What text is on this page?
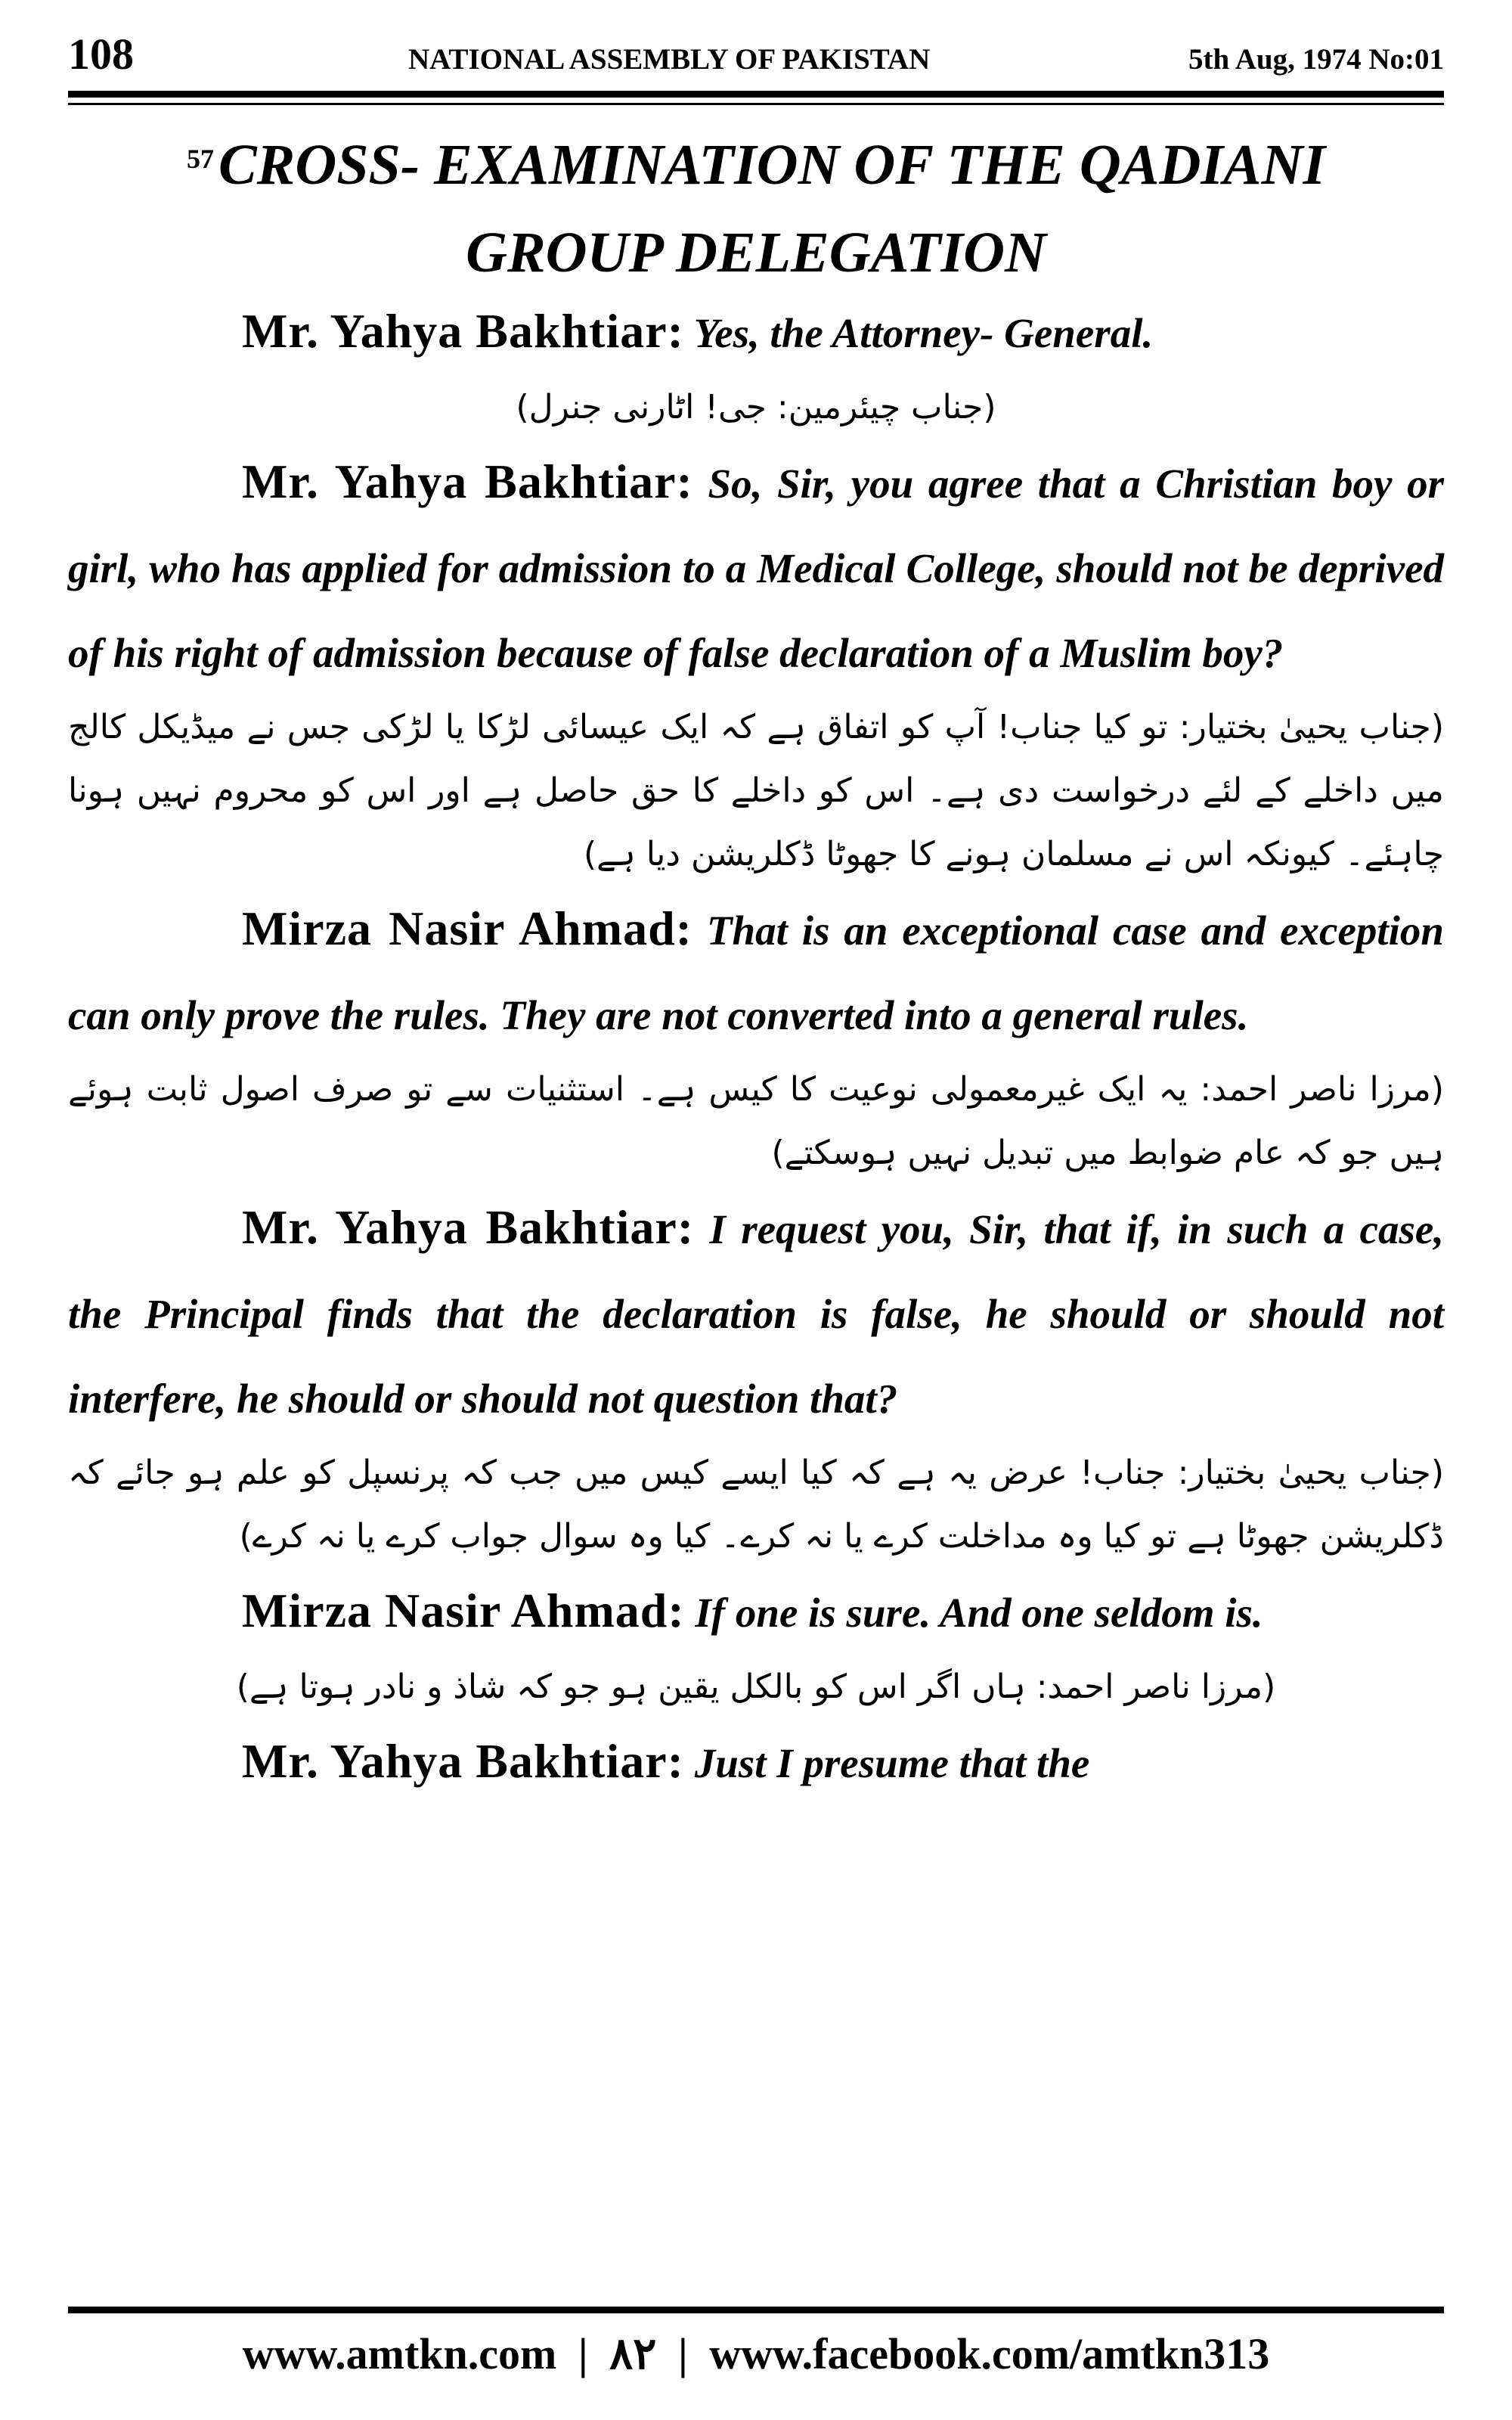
108	NATIONAL ASSEMBLY OF PAKISTAN	5th Aug, 1974 No:01
$^{57}$CROSS- EXAMINATION OF THE QADIANI
GROUP DELEGATION

Mr. Yahya Bakhtiar: Yes, the Attorney- General.

(جناب چیئرمین: جی! اٹارنی جنرل)

Mr. Yahya Bakhtiar: So, Sir, you agree that a Christian boy or girl, who has applied for admission to a Medical College, should not be deprived of his right of admission because of false declaration of a Muslim boy?

(جناب یحییٰ بختیار: تو کیا جناب! آپ کو اتفاق ہے کہ ایک عیسائی لڑکا یا لڑکی جس نے میڈیکل کالج میں داخلے کے لئے درخواست دی ہے۔ اس کو داخلے کا حق حاصل ہے اور اس کو محروم نہیں ہونا چاہئے۔ کیونکہ اس نے مسلمان ہونے کا جھوٹا ڈکلریشن دیا ہے)

Mirza Nasir Ahmad: That is an exceptional case and exception can only prove the rules. They are not converted into a general rules.

(مرزا ناصر احمد: یہ ایک غیرمعمولی نوعیت کا کیس ہے۔ استثنیات سے تو صرف اصول ثابت ہوئے ہیں جو کہ عام ضوابط میں تبدیل نہیں ہوسکتے)

Mr. Yahya Bakhtiar: I request you, Sir, that if, in such a case, the Principal finds that the declaration is false, he should or should not interfere, he should or should not question that?

(جناب یحییٰ بختیار: جناب! عرض یہ ہے کہ کیا ایسے کیس میں جب کہ پرنسپل کو علم ہو جائے کہ ڈکلریشن جھوٹا ہے تو کیا وہ مداخلت کرے یا نہ کرے۔ کیا وہ سوال جواب کرے یا نہ کرے)

Mirza Nasir Ahmad: If one is sure. And one seldom is.

(مرزا ناصر احمد: ہاں اگر اس کو بالکل یقین ہو جو کہ شاذ و نادر ہوتا ہے)

Mr. Yahya Bakhtiar: Just I presume that the

www.amtkn.com | ۸۲ | www.facebook.com/amtkn313
